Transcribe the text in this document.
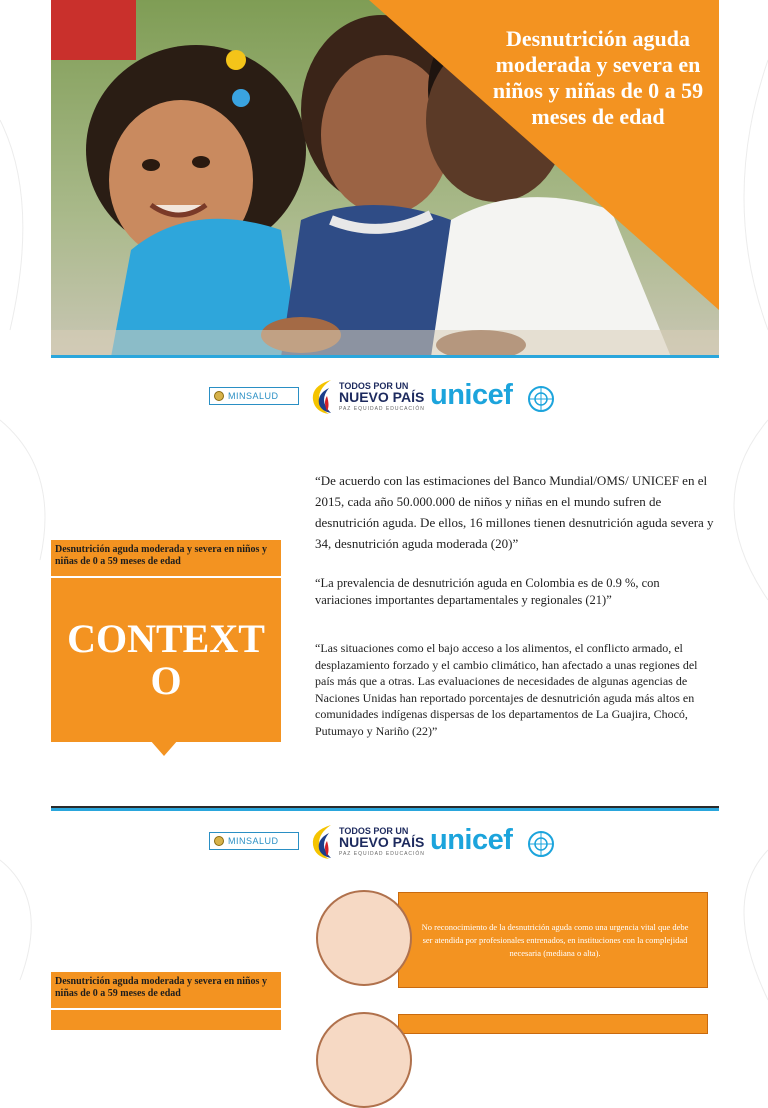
Desnutrición aguda moderada y severa en niños y niñas de 0 a 59 meses de edad
MINSALUD
TODOS POR UN
NUEVO PAÍS
PAZ EQUIDAD EDUCACIÓN unicef
Desnutrición aguda moderada y severa en niños y niñas de 0 a 59 meses de edad
CONTEXTO
“De acuerdo con las estimaciones del Banco Mundial/OMS/ UNICEF en el 2015, cada año 50.000.000 de niños y niñas en el mundo sufren de desnutrición aguda. De ellos, 16 millones tienen desnutrición aguda severa y 34, desnutrición aguda moderada (20)”
“La prevalencia de desnutrición aguda en Colombia es de 0.9 %, con variaciones importantes departamentales y regionales (21)”
“Las situaciones como el bajo acceso a los alimentos, el conflicto armado, el desplazamiento forzado y el cambio climático, han afectado a unas regiones del país más que a otras. Las evaluaciones de necesidades de algunas agencias de Naciones Unidas han reportado porcentajes de desnutrición aguda más altos en comunidades indígenas dispersas de los departamentos de La Guajira, Chocó, Putumayo y Nariño (22)”
MINSALUD
TODOS POR UN
NUEVO PAÍS
PAZ EQUIDAD EDUCACIÓN unicef
No reconocimiento de la desnutrición aguda como una urgencia vital que debe ser atendida por profesionales entrenados, en instituciones con la complejidad necesaria (mediana o alta).
Desnutrición aguda moderada y severa en niños y niñas de 0 a 59 meses de edad
